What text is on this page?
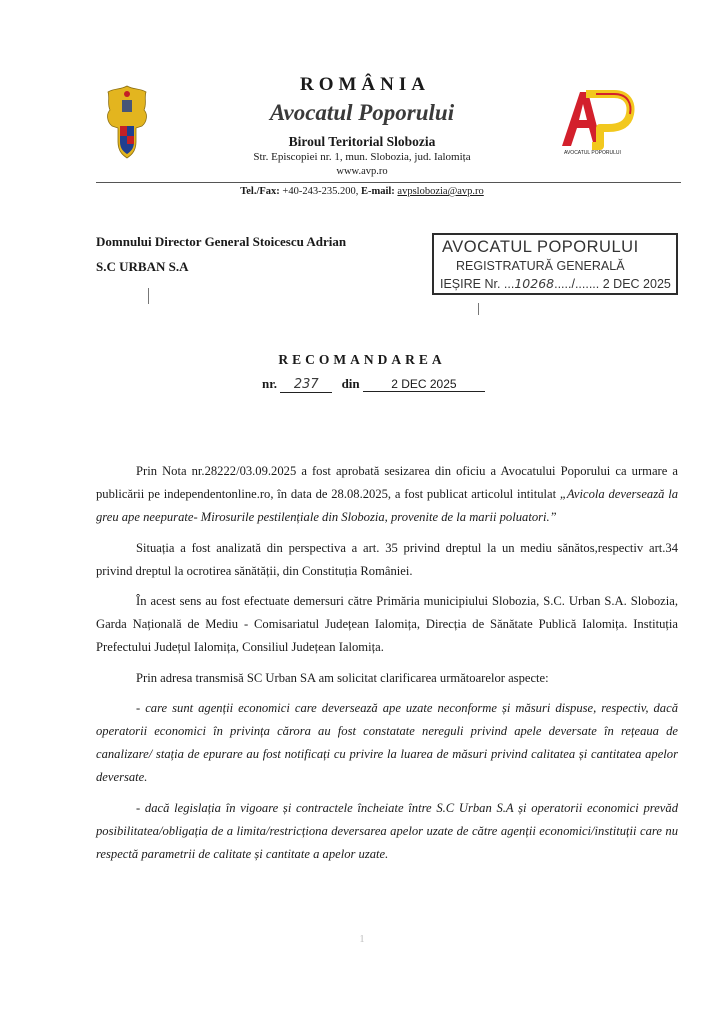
AVOCATUL POPORULUI
ROMÂNIA
Avocatul Poporului
Biroul Teritorial Slobozia
Str. Episcopiei nr. 1, mun. Slobozia, jud. Ialomița
www.avp.ro
Tel./Fax: +40-243-235.200, E-mail: avpslobozia@avp.ro
Domnului Director General Stoicescu Adrian
S.C URBAN S.A
AVOCATUL POPORULUI
REGISTRATURĂ GENERALĂ
IEȘIRE Nr. ...10268...../....... 2 DEC 2025
RECOMANDAREA
nr. 237 din	2 DEC 2025

Prin Nota nr.28222/03.09.2025 a fost aprobată sesizarea din oficiu a Avocatului Poporului ca urmare a publicării pe independentonline.ro, în data de 28.08.2025, a fost publicat articolul intitulat „Avicola deversează la greu ape neepurate- Mirosurile pestilențiale din Slobozia, provenite de la marii poluatori.”

Situația a fost analizată din perspectiva a art. 35 privind dreptul la un mediu sănătos,respectiv art.34 privind dreptul la ocrotirea sănătății, din Constituția României.

În acest sens au fost efectuate demersuri către Primăria municipiului Slobozia, S.C. Urban S.A. Slobozia, Garda Națională de Mediu - Comisariatul Județean Ialomița, Direcția de Sănătate Publică Ialomița. Instituția Prefectului Județul Ialomița, Consiliul Județean Ialomița.

Prin adresa transmisă SC Urban SA am solicitat clarificarea următoarelor aspecte:

- care sunt agenții economici care deversează ape uzate neconforme și măsuri dispuse, respectiv, dacă operatorii economici în privința cărora au fost constatate nereguli privind apele deversate în rețeaua de canalizare/ stația de epurare au fost notificați cu privire la luarea de măsuri privind calitatea și cantitatea apelor deversate.

- dacă legislația în vigoare și contractele încheiate între S.C Urban S.A și operatorii economici prevăd posibilitatea/obligația de a limita/restricționa deversarea apelor uzate de către agenții economici/instituții care nu respectă parametrii de calitate și cantitate a apelor uzate.

1
